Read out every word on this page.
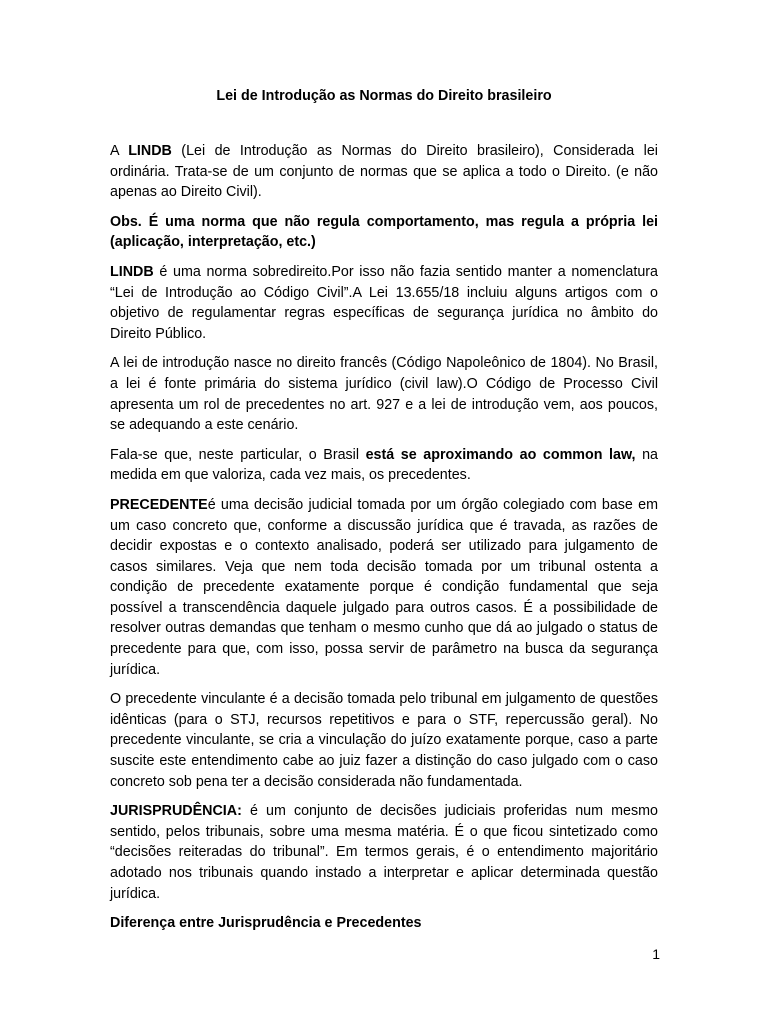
Lei de Introdução as Normas do Direito brasileiro

A LINDB (Lei de Introdução as Normas do Direito brasileiro), Considerada lei ordinária. Trata-se de um conjunto de normas que se aplica a todo o Direito. (e não apenas ao Direito Civil).

Obs. É uma norma que não regula comportamento, mas regula a própria lei (aplicação, interpretação, etc.)

LINDB é uma norma sobredireito.Por isso não fazia sentido manter a nomenclatura “Lei de Introdução ao Código Civil”.A Lei 13.655/18 incluiu alguns artigos com o objetivo de regulamentar regras específicas de segurança jurídica no âmbito do Direito Público.

A lei de introdução nasce no direito francês (Código Napoleônico de 1804). No Brasil, a lei é fonte primária do sistema jurídico (civil law).O Código de Processo Civil apresenta um rol de precedentes no art. 927 e a lei de introdução vem, aos poucos, se adequando a este cenário.

Fala-se que, neste particular, o Brasil está se aproximando ao common law, na medida em que valoriza, cada vez mais, os precedentes.

PRECEDENTEé uma decisão judicial tomada por um órgão colegiado com base em um caso concreto que, conforme a discussão jurídica que é travada, as razões de decidir expostas e o contexto analisado, poderá ser utilizado para julgamento de casos similares. Veja que nem toda decisão tomada por um tribunal ostenta a condição de precedente exatamente porque é condição fundamental que seja possível a transcendência daquele julgado para outros casos. É a possibilidade de resolver outras demandas que tenham o mesmo cunho que dá ao julgado o status de precedente para que, com isso, possa servir de parâmetro na busca da segurança jurídica.

O precedente vinculante é a decisão tomada pelo tribunal em julgamento de questões idênticas (para o STJ, recursos repetitivos e para o STF, repercussão geral). No precedente vinculante, se cria a vinculação do juízo exatamente porque, caso a parte suscite este entendimento cabe ao juiz fazer a distinção do caso julgado com o caso concreto sob pena ter a decisão considerada não fundamentada.

JURISPRUDÊNCIA: é um conjunto de decisões judiciais proferidas num mesmo sentido, pelos tribunais, sobre uma mesma matéria. É o que ficou sintetizado como “decisões reiteradas do tribunal”. Em termos gerais, é o entendimento majoritário adotado nos tribunais quando instado a interpretar e aplicar determinada questão jurídica.

Diferença entre Jurisprudência e Precedentes

1
